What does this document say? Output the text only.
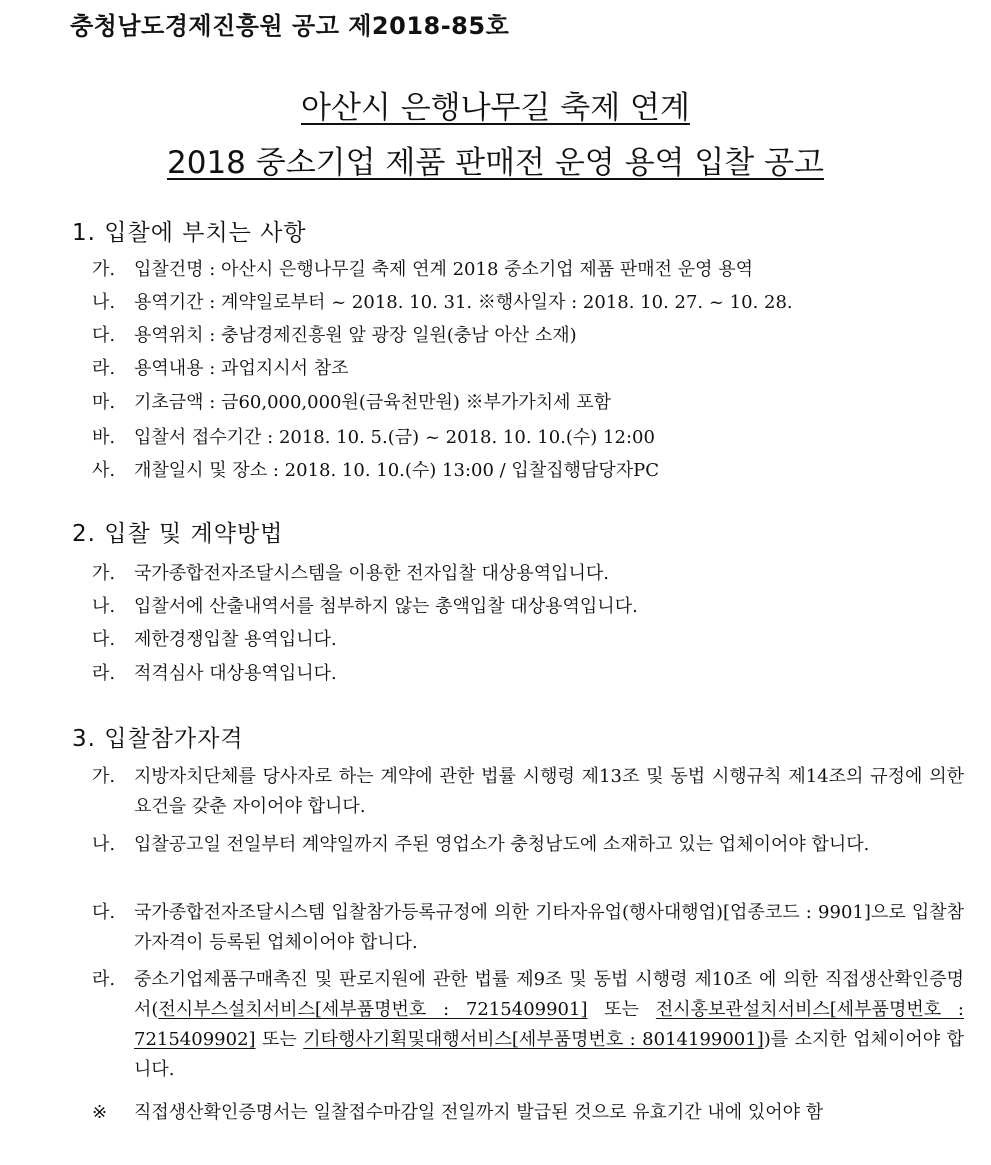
충청남도경제진흥원 공고 제2018-85호
아산시 은행나무길 축제 연계
2018 중소기업 제품 판매전 운영 용역 입찰 공고
1. 입찰에 부치는 사항
가. 입찰건명 : 아산시 은행나무길 축제 연계 2018 중소기업 제품 판매전 운영 용역
나. 용역기간 : 계약일로부터 ~ 2018. 10. 31. ※행사일자 : 2018. 10. 27. ~ 10. 28.
다. 용역위치 : 충남경제진흥원 앞 광장 일원(충남 아산 소재)
라. 용역내용 : 과업지시서 참조
마. 기초금액 : 금60,000,000원(금육천만원) ※부가가치세 포함
바. 입찰서 접수기간 : 2018. 10. 5.(금) ~ 2018. 10. 10.(수) 12:00
사. 개찰일시 및 장소 : 2018. 10. 10.(수) 13:00 / 입찰집행담당자PC
2. 입찰 및 계약방법
가. 국가종합전자조달시스템을 이용한 전자입찰 대상용역입니다.
나. 입찰서에 산출내역서를 첨부하지 않는 총액입찰 대상용역입니다.
다. 제한경쟁입찰 용역입니다.
라. 적격심사 대상용역입니다.
3. 입찰참가자격
가. 지방자치단체를 당사자로 하는 계약에 관한 법률 시행령 제13조 및 동법 시행규칙 제14조의 규정에 의한 요건을 갖춘 자이어야 합니다.
나. 입찰공고일 전일부터 계약일까지 주된 영업소가 충청남도에 소재하고 있는 업체이어야 합니다.
다. 국가종합전자조달시스템 입찰참가등록규정에 의한 기타자유업(행사대행업)[업종코드 : 9901]으로 입찰참가자격이 등록된 업체이어야 합니다.
라. 중소기업제품구매촉진 및 판로지원에 관한 법률 제9조 및 동법 시행령 제10조 에 의한 직접생산확인증명서(전시부스설치서비스[세부품명번호 : 7215409901] 또는 전시홍보관설치서비스[세부품명번호 : 7215409902] 또는 기타행사기획및대행서비스[세부품명번호 : 8014199001])를 소지한 업체이어야 합니다.
※ 직접생산확인증명서는 일찰접수마감일 전일까지 발급된 것으로 유효기간 내에 있어야 함
